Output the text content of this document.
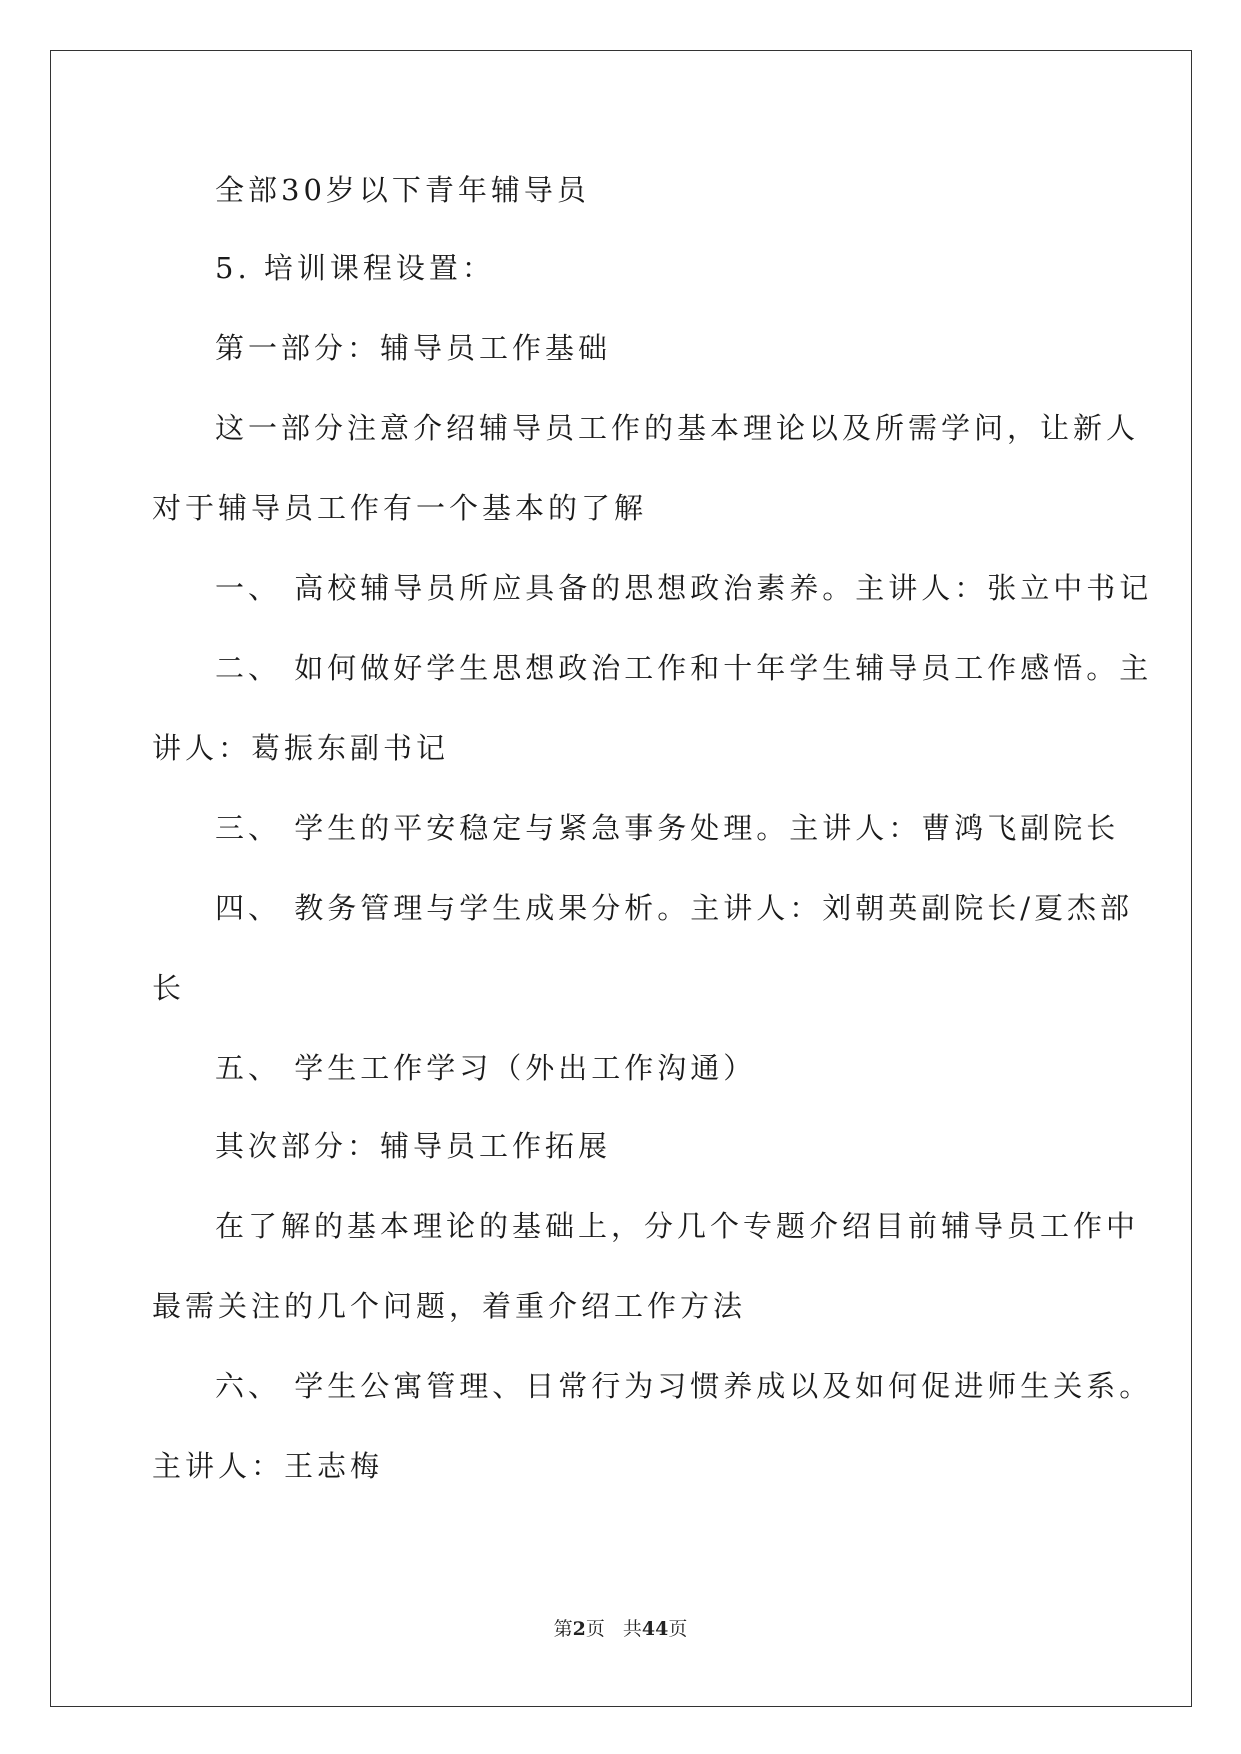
全部30岁以下青年辅导员
5. 培训课程设置：
第一部分：辅导员工作基础
这一部分注意介绍辅导员工作的基本理论以及所需学问，让新人
对于辅导员工作有一个基本的了解
一、 高校辅导员所应具备的思想政治素养。主讲人：张立中书记
二、 如何做好学生思想政治工作和十年学生辅导员工作感悟。主
讲人：葛振东副书记
三、 学生的平安稳定与紧急事务处理。主讲人：曹鸿飞副院长
四、 教务管理与学生成果分析。主讲人：刘朝英副院长/夏杰部
长
五、 学生工作学习（外出工作沟通）
其次部分：辅导员工作拓展
在了解的基本理论的基础上，分几个专题介绍目前辅导员工作中
最需关注的几个问题，着重介绍工作方法
六、 学生公寓管理、日常行为习惯养成以及如何促进师生关系。
主讲人：王志梅
第2页 共44页
